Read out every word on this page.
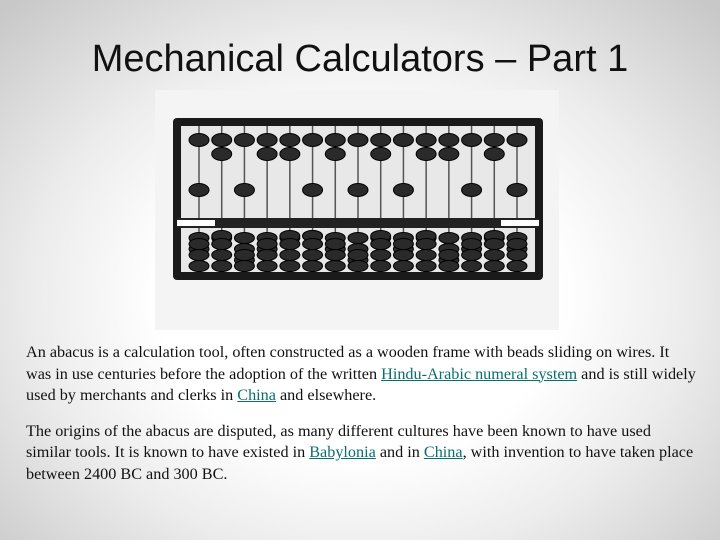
Mechanical Calculators – Part 1

An abacus is a calculation tool, often constructed as a wooden frame with beads sliding on wires. It was in use centuries before the adoption of the written Hindu-Arabic numeral system and is still widely used by merchants and clerks in China and elsewhere.

The origins of the abacus are disputed, as many different cultures have been known to have used similar tools. It is known to have existed in Babylonia and in China, with invention to have taken place between 2400 BC and 300 BC.
